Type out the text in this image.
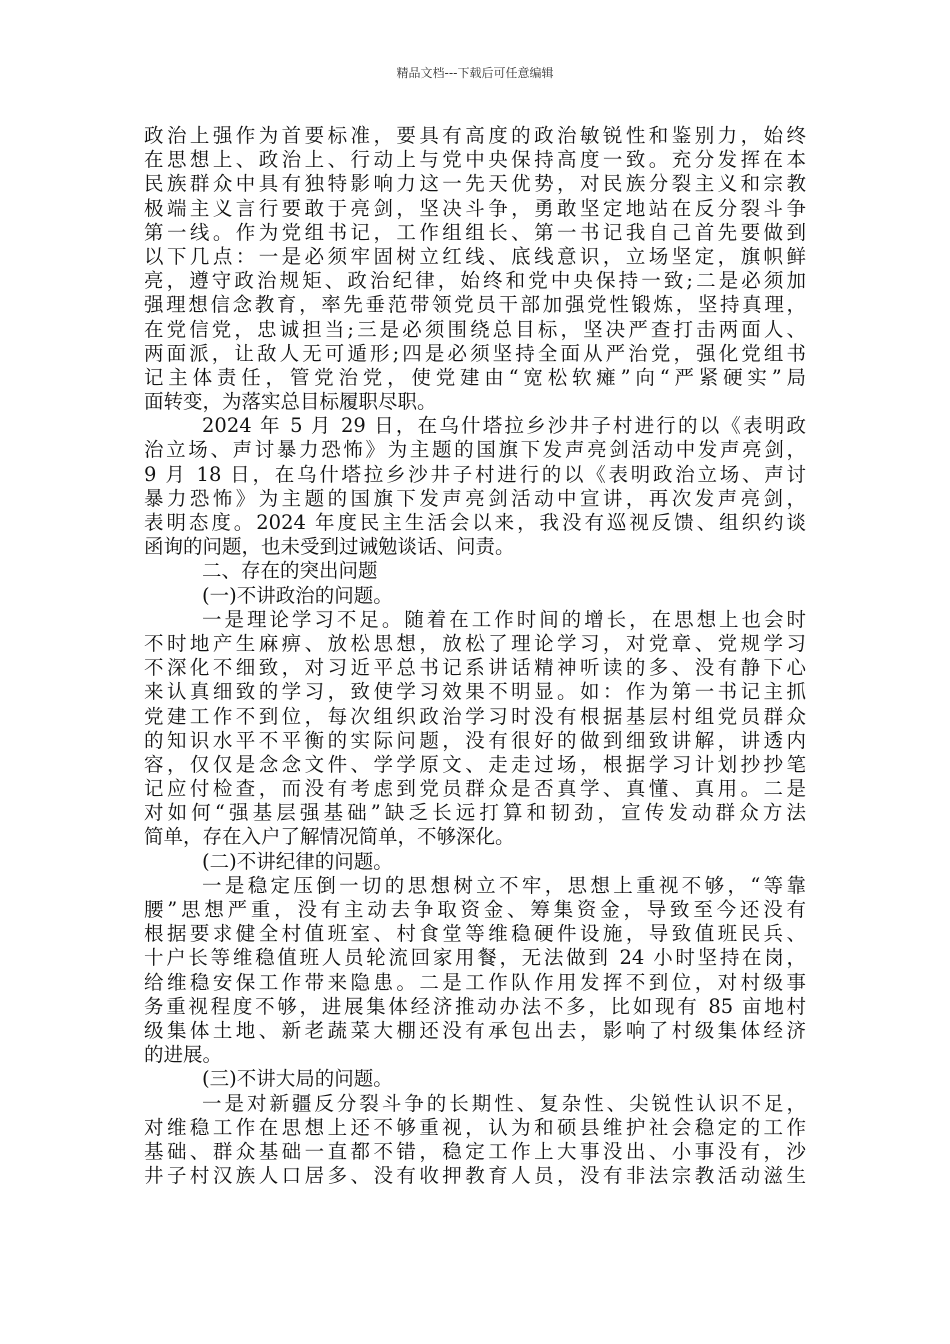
精品文档---下载后可任意编辑
政治上强作为首要标准，要具有高度的政治敏锐性和鉴别力，始终
在思想上、政治上、行动上与党中央保持高度一致。充分发挥在本
民族群众中具有独特影响力这一先天优势，对民族分裂主义和宗教
极端主义言行要敢于亮剑，坚决斗争，勇敢坚定地站在反分裂斗争
第一线。作为党组书记，工作组组长、第一书记我自己首先要做到
以下几点：一是必须牢固树立红线、底线意识，立场坚定，旗帜鲜
亮，遵守政治规矩、政治纪律，始终和党中央保持一致;二是必须加
强理想信念教育，率先垂范带领党员干部加强党性锻炼，坚持真理，
在党信党，忠诚担当;三是必须围绕总目标，坚决严查打击两面人、
两面派，让敌人无可遁形;四是必须坚持全面从严治党，强化党组书
记主体责任，管党治党，使党建由“宽松软瘫”向“严紧硬实”局
面转变，为落实总目标履职尽职。
2024 年 5 月 29 日，在乌什塔拉乡沙井子村进行的以《表明政
治立场、声讨暴力恐怖》为主题的国旗下发声亮剑活动中发声亮剑，
9 月 18 日，在乌什塔拉乡沙井子村进行的以《表明政治立场、声讨
暴力恐怖》为主题的国旗下发声亮剑活动中宣讲，再次发声亮剑，
表明态度。2024 年度民主生活会以来，我没有巡视反馈、组织约谈
函询的问题，也未受到过诫勉谈话、问责。
二、存在的突出问题
(一)不讲政治的问题。
一是理论学习不足。随着在工作时间的增长，在思想上也会时
不时地产生麻痹、放松思想，放松了理论学习，对党章、党规学习
不深化不细致，对习近平总书记系讲话精神听读的多、没有静下心
来认真细致的学习，致使学习效果不明显。如：作为第一书记主抓
党建工作不到位，每次组织政治学习时没有根据基层村组党员群众
的知识水平不平衡的实际问题，没有很好的做到细致讲解，讲透内
容，仅仅是念念文件、学学原文、走走过场，根据学习计划抄抄笔
记应付检查，而没有考虑到党员群众是否真学、真懂、真用。二是
对如何“强基层强基础”缺乏长远打算和韧劲，宣传发动群众方法
简单，存在入户了解情况简单，不够深化。
(二)不讲纪律的问题。
一是稳定压倒一切的思想树立不牢，思想上重视不够，“等靠
腰”思想严重，没有主动去争取资金、筹集资金，导致至今还没有
根据要求健全村值班室、村食堂等维稳硬件设施，导致值班民兵、
十户长等维稳值班人员轮流回家用餐，无法做到 24 小时坚持在岗，
给维稳安保工作带来隐患。二是工作队作用发挥不到位，对村级事
务重视程度不够，进展集体经济推动办法不多，比如现有 85 亩地村
级集体土地、新老蔬菜大棚还没有承包出去，影响了村级集体经济
的进展。
(三)不讲大局的问题。
一是对新疆反分裂斗争的长期性、复杂性、尖锐性认识不足，
对维稳工作在思想上还不够重视，认为和硕县维护社会稳定的工作
基础、群众基础一直都不错，稳定工作上大事没出、小事没有，沙
井子村汉族人口居多、没有收押教育人员，没有非法宗教活动滋生
